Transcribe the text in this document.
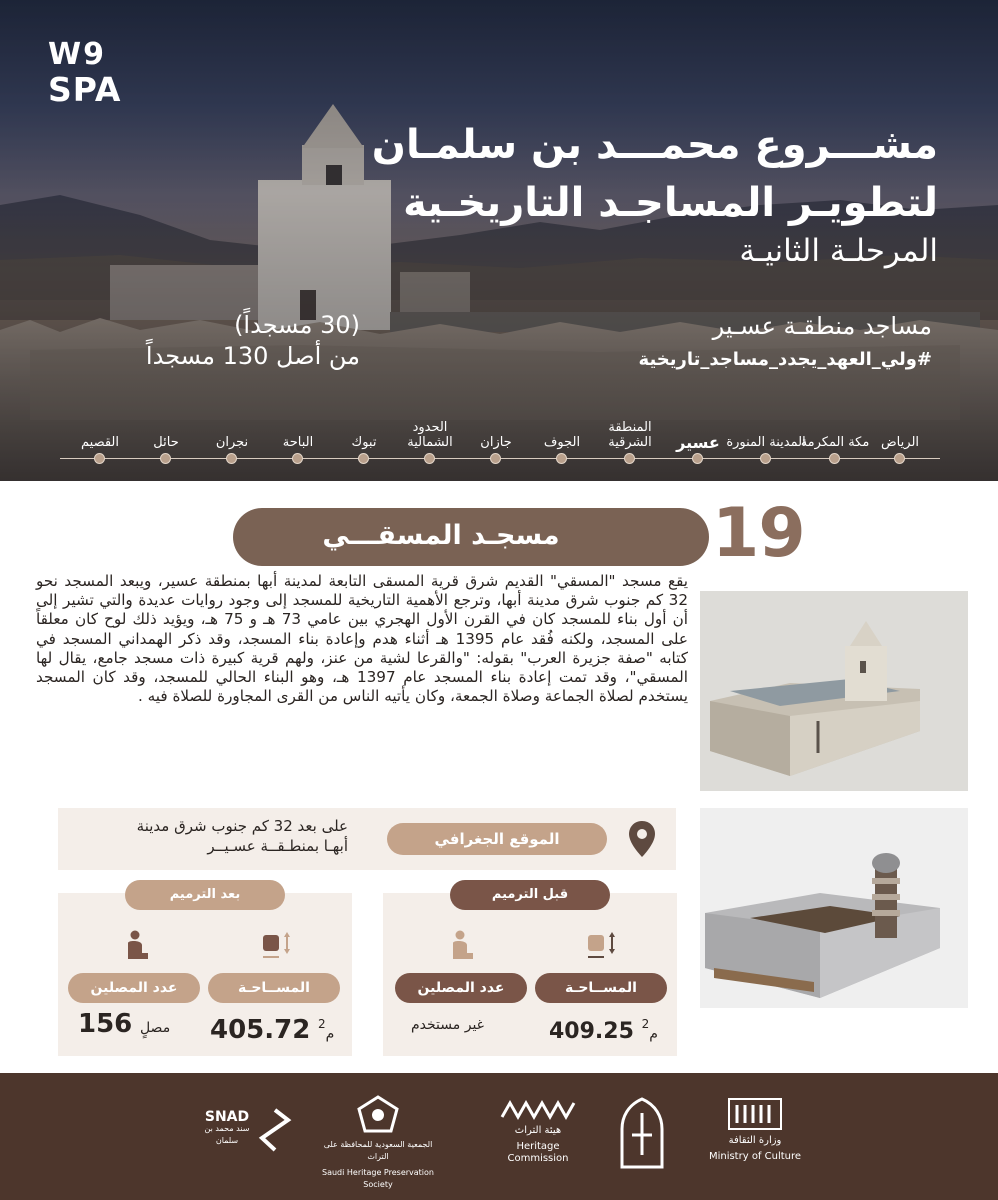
W9
SPA
مشـــروع محمـــد بن سلمـان
لتطويـر المساجـد التاريخـية
المرحلـة الثانيـة
مساجد منطقـة عسـير
#ولي_العهد_يجدد_مساجد_تاريخية
(30 مسجداً)
من أصل 130 مسجداً
الرياض
مكة المكرمة
المدينة المنورة
عسير
المنطقة الشرقية
الجوف
جازان
الحدود الشمالية
تبوك
الباحة
نجران
حائل
القصيم
مسجـد المسقـــي	19
يقع مسجد "المسقي" القديم شرق قرية المسقى التابعة لمدينة أبها بمنطقة عسير، ويبعد المسجد نحو 32 كم جنوب شرق مدينة أبها، وترجع الأهمية التاريخية للمسجد إلى وجود روايات عديدة والتي تشير إلى أن أول بناء للمسجد كان في القرن الأول الهجري بين عامي 73 هـ و 75 هـ، ويؤيد ذلك لوح كان معلقاً على المسجد، ولكنه فُقد عام 1395 هـ أثناء هدم وإعادة بناء المسجد، وقد ذكر الهمداني المسجد في كتابه "صفة جزيرة العرب" بقوله: "والقرعا لشية من عنز، ولهم قرية كبيرة ذات مسجد جامع، يقال لها المسقي"، وقد تمت إعادة بناء المسجد عام 1397 هـ، وهو البناء الحالي للمسجد، وقد كان المسجد يستخدم لصلاة الجماعة وصلاة الجمعة، وكان يأتيه الناس من القرى المجاورة للصلاة فيه .
على بعد 32 كم جنوب شرق مدينة أبهـا بمنطـقــة عسـيــر	الموقع الجغرافي
قبل الترميم
المســاحـة
عدد المصلين
409.25 $^2$م
غير مستخدم
بعد الترميم
المســاحـة
عدد المصلين
405.72 $^2$م
156 مصلٍ
وزارة الثقافة
Ministry of Culture
هيئة التراث
Heritage Commission
الجمعية السعودية للمحافظة على التراث
Saudi Heritage Preservation Society
SNAD
سند محمد بن سلمان
